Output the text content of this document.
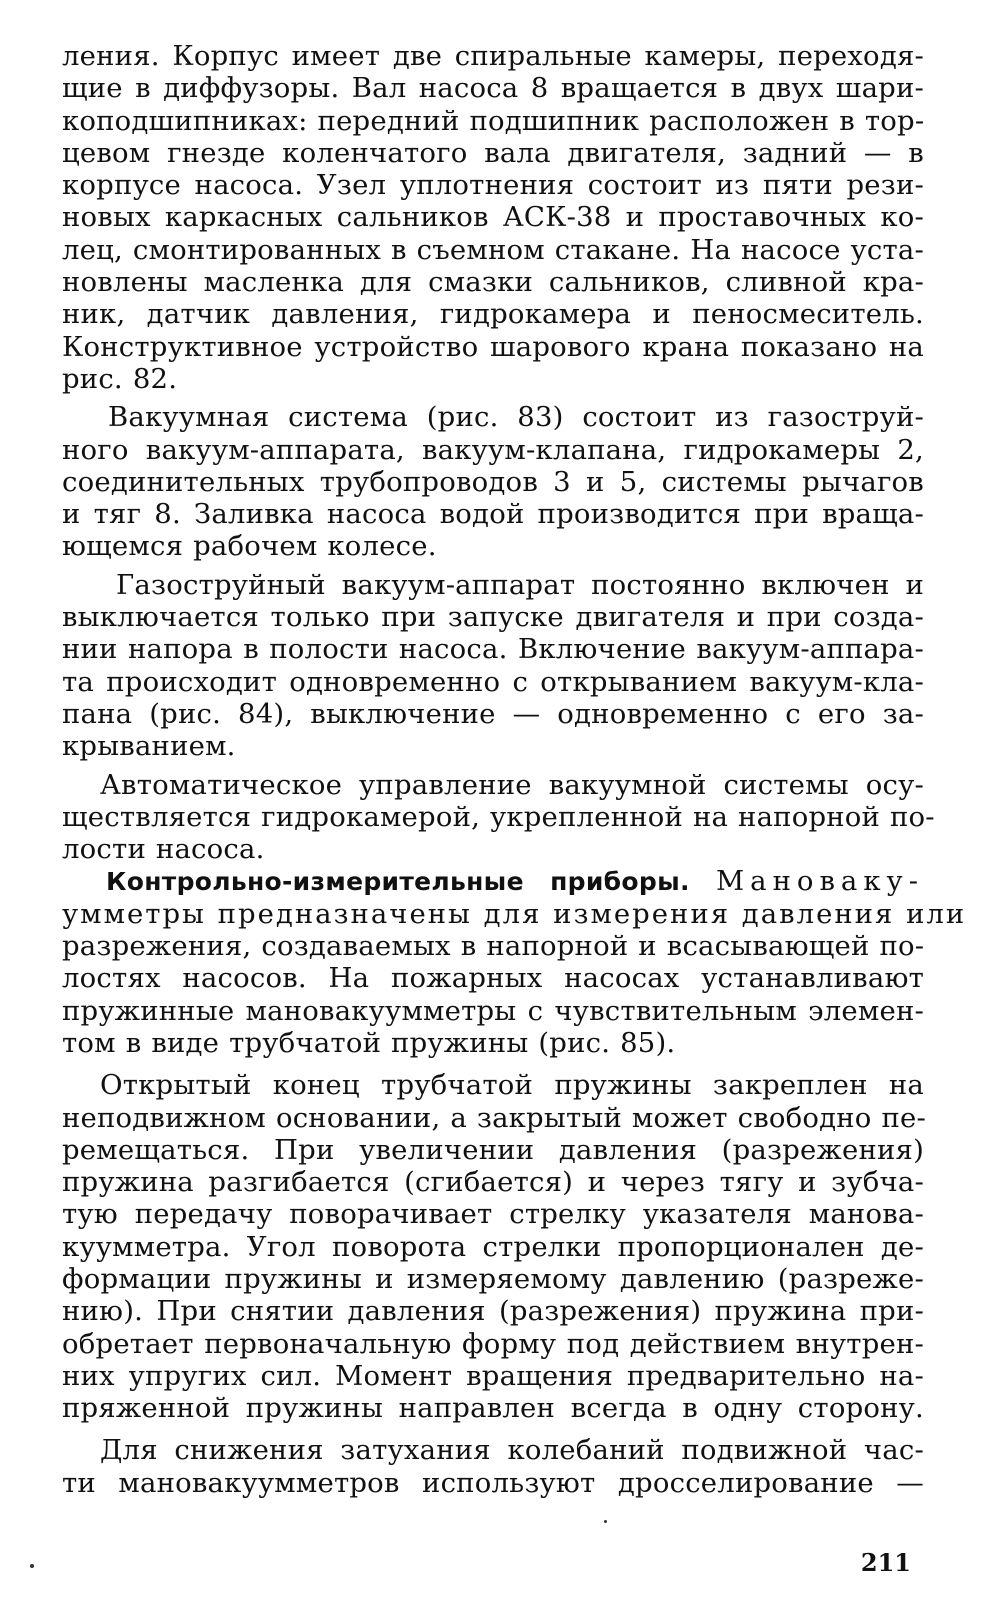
ления. Корпус имеет две спиральные камеры, переходя-
щие в диффузоры. Вал насоса 8 вращается в двух шари-
коподшипниках: передний подшипник расположен в тор-
цевом гнезде коленчатого вала двигателя, задний — в
корпусе насоса. Узел уплотнения состоит из пяти рези-
новых каркасных сальников АСК-38 и проставочных ко-
лец, смонтированных в съемном стакане. На насосе уста-
новлены масленка для смазки сальников, сливной кра-
ник, датчик давления, гидрокамера и пеносмеситель.
Конструктивное устройство шарового крана показано на
рис. 82.
Вакуумная система (рис. 83) состоит из газоструй-
ного вакуум-аппарата, вакуум-клапана, гидрокамеры 2,
соединительных трубопроводов 3 и 5, системы рычагов
и тяг 8. Заливка насоса водой производится при враща-
ющемся рабочем колесе.
Газоструйный вакуум-аппарат постоянно включен и
выключается только при запуске двигателя и при созда-
нии напора в полости насоса. Включение вакуум-аппара-
та происходит одновременно с открыванием вакуум-кла-
пана (рис. 84), выключение — одновременно с его за-
крыванием.
Автоматическое управление вакуумной системы осу-
ществляется гидрокамерой, укрепленной на напорной по-
лости насоса.
Контрольно-измерительные приборы. Мановаку-
умметры предназначены для измерения давления или
разрежения, создаваемых в напорной и всасывающей по-
лостях насосов. На пожарных насосах устанавливают
пружинные мановакуумметры с чувствительным элемен-
том в виде трубчатой пружины (рис. 85).
Открытый конец трубчатой пружины закреплен на
неподвижном основании, а закрытый может свободно пе-
ремещаться. При увеличении давления (разрежения)
пружина разгибается (сгибается) и через тягу и зубча-
тую передачу поворачивает стрелку указателя манова-
куумметра. Угол поворота стрелки пропорционален де-
формации пружины и измеряемому давлению (разреже-
нию). При снятии давления (разрежения) пружина при-
обретает первоначальную форму под действием внутрен-
них упругих сил. Момент вращения предварительно на-
пряженной пружины направлен всегда в одну сторону.
Для снижения затухания колебаний подвижной час-
ти мановакуумметров используют дросселирование —
211
